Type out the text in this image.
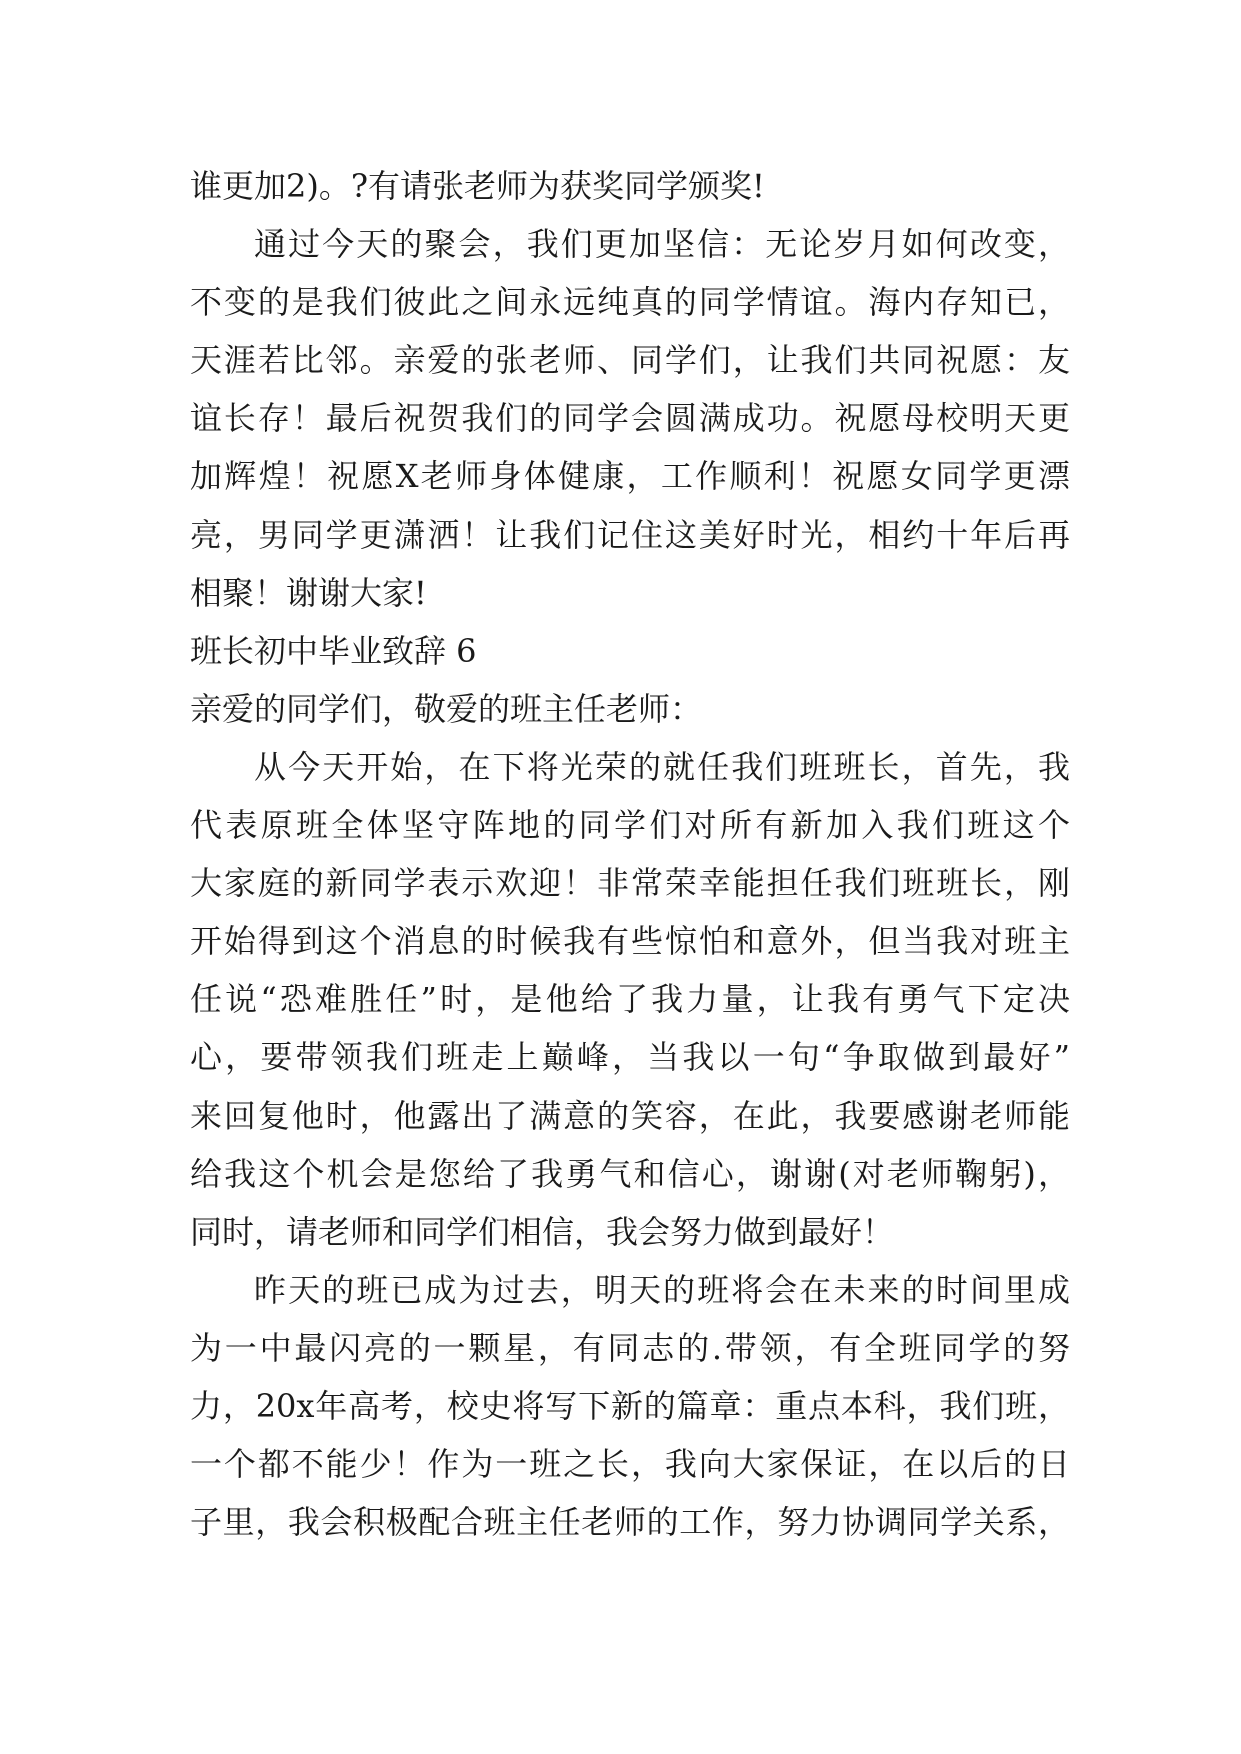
谁更加2)。?有请张老师为获奖同学颁奖!
通过今天的聚会，我们更加坚信：无论岁月如何改变，
不变的是我们彼此之间永远纯真的同学情谊。海内存知已，
天涯若比邻。亲爱的张老师、同学们，让我们共同祝愿：友
谊长存！最后祝贺我们的同学会圆满成功。祝愿母校明天更
加辉煌！祝愿X老师身体健康，工作顺利！祝愿女同学更漂
亮，男同学更潇洒！让我们记住这美好时光，相约十年后再
相聚！谢谢大家!
班长初中毕业致辞 6
亲爱的同学们，敬爱的班主任老师：
从今天开始，在下将光荣的就任我们班班长，首先，我
代表原班全体坚守阵地的同学们对所有新加入我们班这个
大家庭的新同学表示欢迎！非常荣幸能担任我们班班长，刚
开始得到这个消息的时候我有些惊怕和意外，但当我对班主
任说“恐难胜任”时，是他给了我力量，让我有勇气下定决
心，要带领我们班走上巅峰，当我以一句“争取做到最好”
来回复他时，他露出了满意的笑容，在此，我要感谢老师能
给我这个机会是您给了我勇气和信心，谢谢(对老师鞠躬)，
同时，请老师和同学们相信，我会努力做到最好！
昨天的班已成为过去，明天的班将会在未来的时间里成
为一中最闪亮的一颗星，有同志的.带领，有全班同学的努
力，20x年高考，校史将写下新的篇章：重点本科，我们班，
一个都不能少！作为一班之长，我向大家保证，在以后的日
子里，我会积极配合班主任老师的工作，努力协调同学关系，
